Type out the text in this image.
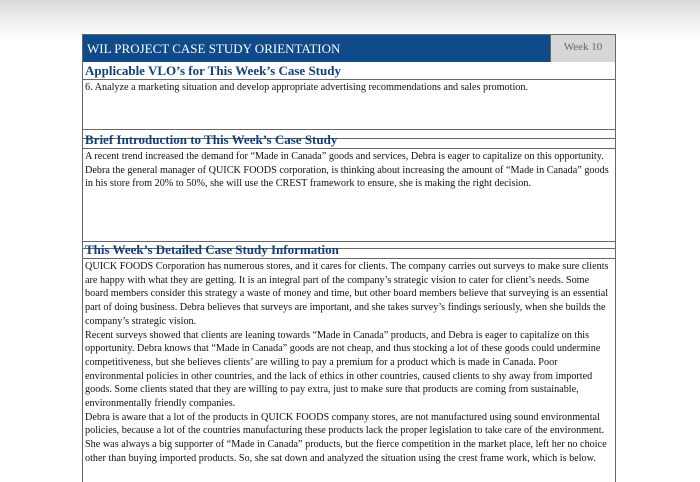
WIL PROJECT CASE STUDY ORIENTATION	Week 10
Applicable VLO’s for This Week’s Case Study

6. Analyze a marketing situation and develop appropriate advertising recommendations and sales promotion.

Brief Introduction to This Week’s Case Study

A recent trend increased the demand for “Made in Canada” goods and services, Debra is eager to capitalize on this opportunity. Debra the general manager of QUICK FOODS corporation, is thinking about increasing the amount of “Made in Canada” goods in his store from 20% to 50%, she will use the CREST framework to ensure, she is making the right decision.

This Week’s Detailed Case Study Information

QUICK FOODS Corporation has numerous stores, and it cares for clients. The company carries out surveys to make sure clients are happy with what they are getting. It is an integral part of the company’s strategic vision to cater for client’s needs. Some board members consider this strategy a waste of money and time, but other board members believe that surveying is an essential part of doing business. Debra believes that surveys are important, and she takes survey’s findings seriously, when she builds the company’s strategic vision.

Recent surveys showed that clients are leaning towards “Made in Canada” products, and Debra is eager to capitalize on this opportunity. Debra knows that “Made in Canada” goods are not cheap, and thus stocking a lot of these goods could undermine competitiveness, but she believes clients’ are willing to pay a premium for a product which is made in Canada. Poor environmental policies in other countries, and the lack of ethics in other countries, caused clients to shy away from imported goods. Some clients stated that they are willing to pay extra, just to make sure that products are coming from sustainable, environmentally friendly companies.

Debra is aware that a lot of the products in QUICK FOODS company stores, are not manufactured using sound environmental policies, because a lot of the countries manufacturing these products lack the proper legislation to take care of the environment. She was always a big supporter of “Made in Canada” products, but the fierce competition in the market place, left her no choice other than buying imported products. So, she sat down and analyzed the situation using the crest frame work, which is below.
